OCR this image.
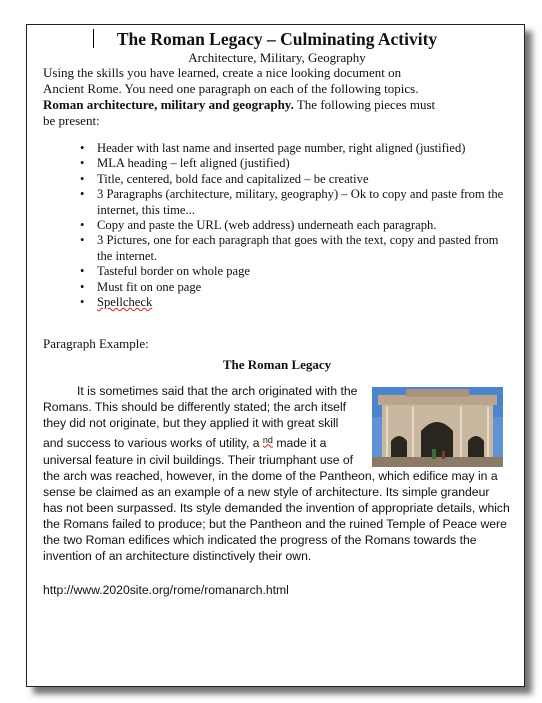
The Roman Legacy – Culminating Activity
Architecture, Military, Geography

Using the skills you have learned, create a nice looking document on
Ancient Rome. You need one paragraph on each of the following topics.
Roman architecture, military and geography. The following pieces must
be present:

• Header with last name and inserted page number, right aligned (justified)
• MLA heading – left aligned (justified)
• Title, centered, bold face and capitalized – be creative
• 3 Paragraphs (architecture, military, geography) – Ok to copy and paste from the internet, this time...
• Copy and paste the URL (web address) underneath each paragraph.
• 3 Pictures, one for each paragraph that goes with the text, copy and pasted from the internet.
• Tasteful border on whole page
• Must fit on one page
• Spellcheck
Paragraph Example:
The Roman Legacy

It is sometimes said that the arch originated with the Romans. This should be differently stated; the arch itself they did not originate, but they applied it with great skill and success to various works of utility, a $^{nd}$ made it a universal feature in civil buildings. Their triumphant use of the arch was reached, however, in the dome of the Pantheon, which edifice may in a sense be claimed as an example of a new style of architecture. Its simple grandeur has not been surpassed. Its style demanded the invention of appropriate details, which the Romans failed to produce; but the Pantheon and the ruined Temple of Peace were the two Roman edifices which indicated the progress of the Romans towards the invention of an architecture distinctively their own.

http://www.2020site.org/rome/romanarch.html
